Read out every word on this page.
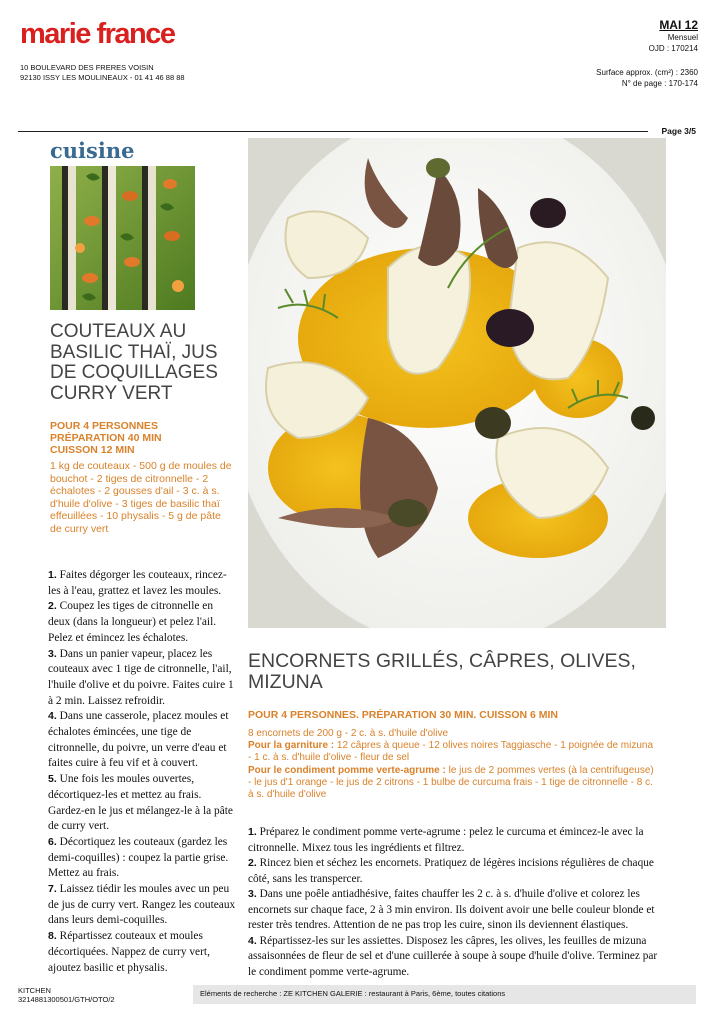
marie france
10 BOULEVARD DES FRERES VOISIN
92130 ISSY LES MOULINEAUX - 01 41 46 88 88
MAI 12
Mensuel
OJD : 170214
Surface approx. (cm²) : 2360
N° de page : 170-174
Page 3/5
cuisine
COUTEAUX AU BASILIC THAÏ, JUS DE COQUILLAGES CURRY VERT
POUR 4 PERSONNES
PRÉPARATION 40 MIN
CUISSON 12 MIN
1 kg de couteaux - 500 g de moules de bouchot - 2 tiges de citronnelle - 2 échalotes - 2 gousses d'ail - 3 c. à s. d'huile d'olive - 3 tiges de basilic thaï effeuillées - 10 physalis - 5 g de pâte de curry vert

1. Faites dégorger les couteaux, rincez-les à l'eau, grattez et lavez les moules.

2. Coupez les tiges de citronnelle en deux (dans la longueur) et pelez l'ail. Pelez et émincez les échalotes.

3. Dans un panier vapeur, placez les couteaux avec 1 tige de citronnelle, l'ail, l'huile d'olive et du poivre. Faites cuire 1 à 2 min. Laissez refroidir.

4. Dans une casserole, placez moules et échalotes émincées, une tige de citronnelle, du poivre, un verre d'eau et faites cuire à feu vif et à couvert.

5. Une fois les moules ouvertes, décortiquez-les et mettez au frais. Gardez-en le jus et mélangez-le à la pâte de curry vert.

6. Décortiquez les couteaux (gardez les demi-coquilles) : coupez la partie grise. Mettez au frais.

7. Laissez tiédir les moules avec un peu de jus de curry vert. Rangez les couteaux dans leurs demi-coquilles.

8. Répartissez couteaux et moules décortiquées. Nappez de curry vert, ajoutez basilic et physalis.

ENCORNETS GRILLÉS, CÂPRES, OLIVES, MIZUNA
POUR 4 PERSONNES. PRÉPARATION 30 MIN. CUISSON 6 MIN
8 encornets de 200 g - 2 c. à s. d'huile d'olive
Pour la garniture : 12 câpres à queue - 12 olives noires Taggiasche - 1 poignée de mizuna - 1 c. à s. d'huile d'olive - fleur de sel
Pour le condiment pomme verte-agrume : le jus de 2 pommes vertes (à la centrifugeuse) - le jus d'1 orange - le jus de 2 citrons - 1 bulbe de curcuma frais - 1 tige de citronnelle - 8 c. à s. d'huile d'olive

1. Préparez le condiment pomme verte-agrume : pelez le curcuma et émincez-le avec la citronnelle. Mixez tous les ingrédients et filtrez.

2. Rincez bien et séchez les encornets. Pratiquez de légères incisions régulières de chaque côté, sans les transpercer.

3. Dans une poêle antiadhésive, faites chauffer les 2 c. à s. d'huile d'olive et colorez les encornets sur chaque face, 2 à 3 min environ. Ils doivent avoir une belle couleur blonde et rester très tendres. Attention de ne pas trop les cuire, sinon ils deviennent élastiques.

4. Répartissez-les sur les assiettes. Disposez les câpres, les olives, les feuilles de mizuna assaisonnées de fleur de sel et d'une cuillerée à soupe à soupe d'huile d'olive. Terminez par le condiment pomme verte-agrume.

KITCHEN
3214881300501/GTH/OTO/2
Eléments de recherche : ZE KITCHEN GALERIE : restaurant à Paris, 6ème, toutes citations
